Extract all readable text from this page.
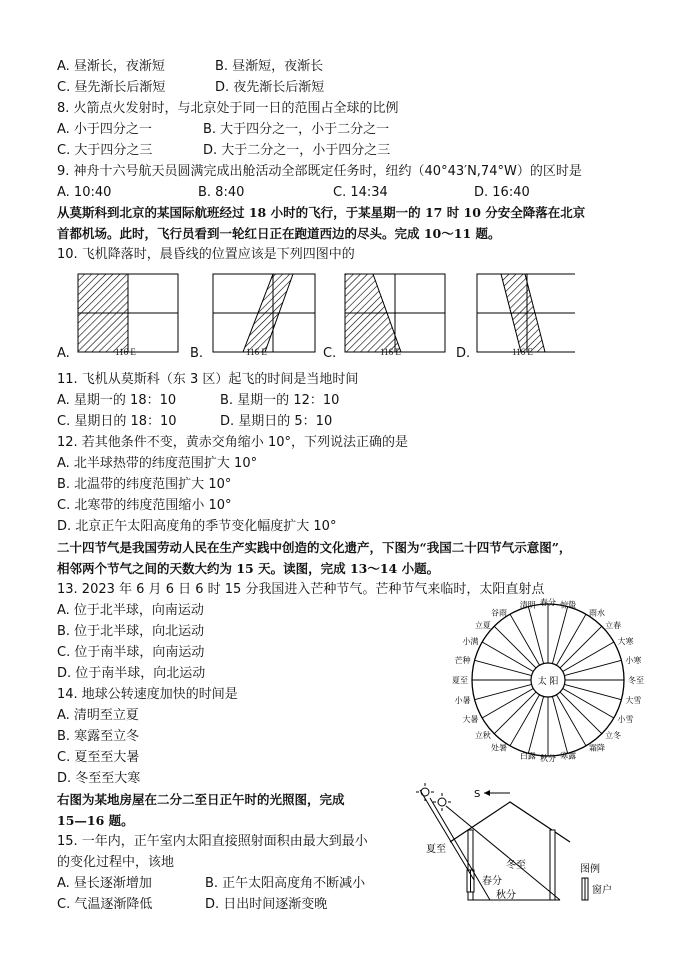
A. 昼渐长，夜渐短	B. 昼渐短，夜渐长
C. 昼先渐长后渐短	D. 夜先渐长后渐短
8. 火箭点火发射时，与北京处于同一日的范围占全球的比例
A. 小于四分之一	B. 大于四分之一，小于二分之一
C. 大于四分之三	D. 大于二分之一，小于四分之三
9. 神舟十六号航天员圆满完成出舱活动全部既定任务时，纽约（40°43′N,74°W）的区时是
A. 10:40	B. 8:40	C. 14:34	D. 16:40
从莫斯科到北京的某国际航班经过 18 小时的飞行，于某星期一的 17 时 10 分安全降落在北京
首都机场。此时，飞行员看到一轮红日正在跑道西边的尽头。完成 10～11 题。
10. 飞机降落时，晨昏线的位置应该是下列四图中的
A.	B.	C.	D.
116 E	116 E	116 E	116 E
11. 飞机从莫斯科（东 3 区）起飞的时间是当地时间
A. 星期一的 18：10	B. 星期一的 12：10
C. 星期日的 18：10	D. 星期日的 5：10
12. 若其他条件不变，黄赤交角缩小 10°，下列说法正确的是
A. 北半球热带的纬度范围扩大 10°
B. 北温带的纬度范围扩大 10°
C. 北寒带的纬度范围缩小 10°
D. 北京正午太阳高度角的季节变化幅度扩大 10°
二十四节气是我国劳动人民在生产实践中创造的文化遗产，下图为“我国二十四节气示意图”，
相邻两个节气之间的天数大约为 15 天。读图，完成 13～14 小题。
13. 2023 年 6 月 6 日 6 时 15 分我国进入芒种节气。芒种节气来临时，太阳直射点
A. 位于北半球，向南运动
B. 位于北半球，向北运动
C. 位于南半球，向南运动
D. 位于南半球，向北运动
14. 地球公转速度加快的时间是
A. 清明至立夏
B. 寒露至立冬
C. 夏至至大暑
D. 冬至至大寒
太 阳
春分
清明
谷雨
立夏
小满
芒种
夏至
小暑
大暑
立秋
处暑
白露 秋分 寒露
霜降
立冬
小雪
大雪
冬至
小寒
大寒
立春
雨水
惊蛰
右图为某地房屋在二分二至日正午时的光照图，完成
15—16 题。
15. 一年内，正午室内太阳直接照射面积由最大到最小
的变化过程中，该地
A. 昼长逐渐增加	B. 正午太阳高度角不断减小
C. 气温逐渐降低	D. 日出时间逐渐变晚
S
夏至
冬至
春分
秋分
图例
窗户
